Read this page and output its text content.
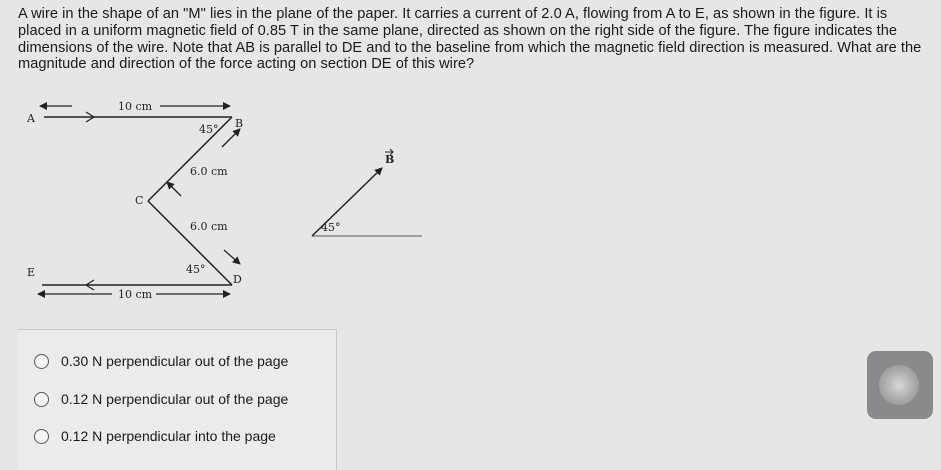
A wire in the shape of an "M" lies in the plane of the paper. It carries a current of 2.0 A, flowing from A to E, as shown in the figure. It is placed in a uniform magnetic field of 0.85 T in the same plane, directed as shown on the right side of the figure. The figure indicates the dimensions of the wire. Note that AB is parallel to DE and to the baseline from which the magnetic field direction is measured. What are the magnitude and direction of the force acting on section DE of this wire?

10 cm
A	B
45°
6.0 cm
C
6.0 cm
45°
D
E
10 cm
45°
B
0.30 N perpendicular out of the page
0.12 N perpendicular out of the page
0.12 N perpendicular into the page
